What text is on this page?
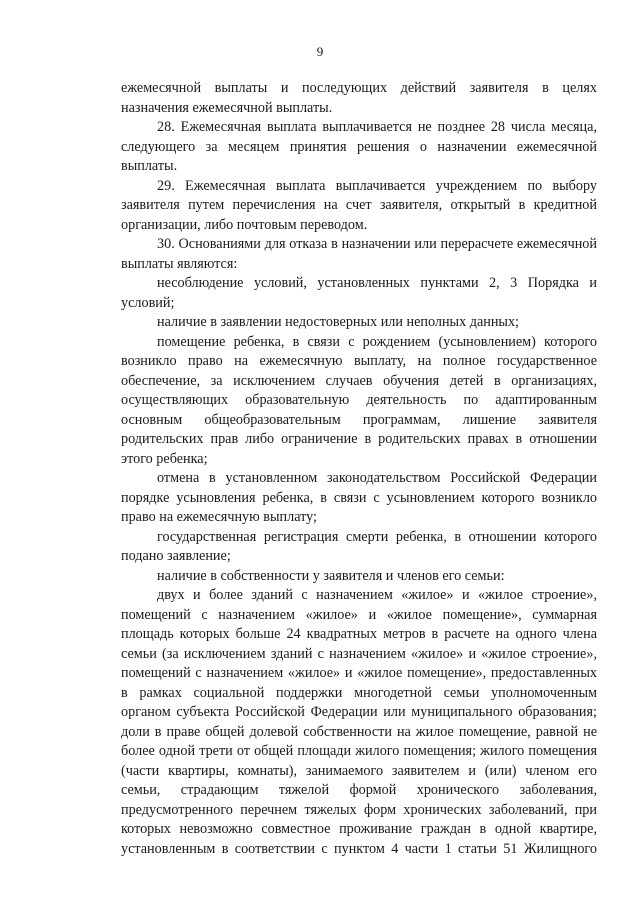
9

ежемесячной выплаты и последующих действий заявителя в целях назначения ежемесячной выплаты.

28. Ежемесячная выплата выплачивается не позднее 28 числа месяца, следующего за месяцем принятия решения о назначении ежемесячной выплаты.

29. Ежемесячная выплата выплачивается учреждением по выбору заявителя путем перечисления на счет заявителя, открытый в кредитной организации, либо почтовым переводом.

30. Основаниями для отказа в назначении или перерасчете ежемесячной выплаты являются:

несоблюдение условий, установленных пунктами 2, 3 Порядка и условий;

наличие в заявлении недостоверных или неполных данных;

помещение ребенка, в связи с рождением (усыновлением) которого возникло право на ежемесячную выплату, на полное государственное обеспечение, за исключением случаев обучения детей в организациях, осуществляющих образовательную деятельность по адаптированным основным общеобразовательным программам, лишение заявителя родительских прав либо ограничение в родительских правах в отношении этого ребенка;

отмена в установленном законодательством Российской Федерации порядке усыновления ребенка, в связи с усыновлением которого возникло право на ежемесячную выплату;

государственная регистрация смерти ребенка, в отношении которого подано заявление;

наличие в собственности у заявителя и членов его семьи:

двух и более зданий с назначением «жилое» и «жилое строение», помещений с назначением «жилое» и «жилое помещение», суммарная площадь которых больше 24 квадратных метров в расчете на одного члена семьи (за исключением зданий с назначением «жилое» и «жилое строение», помещений с назначением «жилое» и «жилое помещение», предоставленных в рамках социальной поддержки многодетной семьи уполномоченным органом субъекта Российской Федерации или муниципального образования; доли в праве общей долевой собственности на жилое помещение, равной не более одной трети от общей площади жилого помещения; жилого помещения (части квартиры, комнаты), занимаемого заявителем и (или) членом его семьи, страдающим тяжелой формой хронического заболевания, предусмотренного перечнем тяжелых форм хронических заболеваний, при которых невозможно совместное проживание граждан в одной квартире, установленным в соответствии с пунктом 4 части 1 статьи 51 Жилищного
